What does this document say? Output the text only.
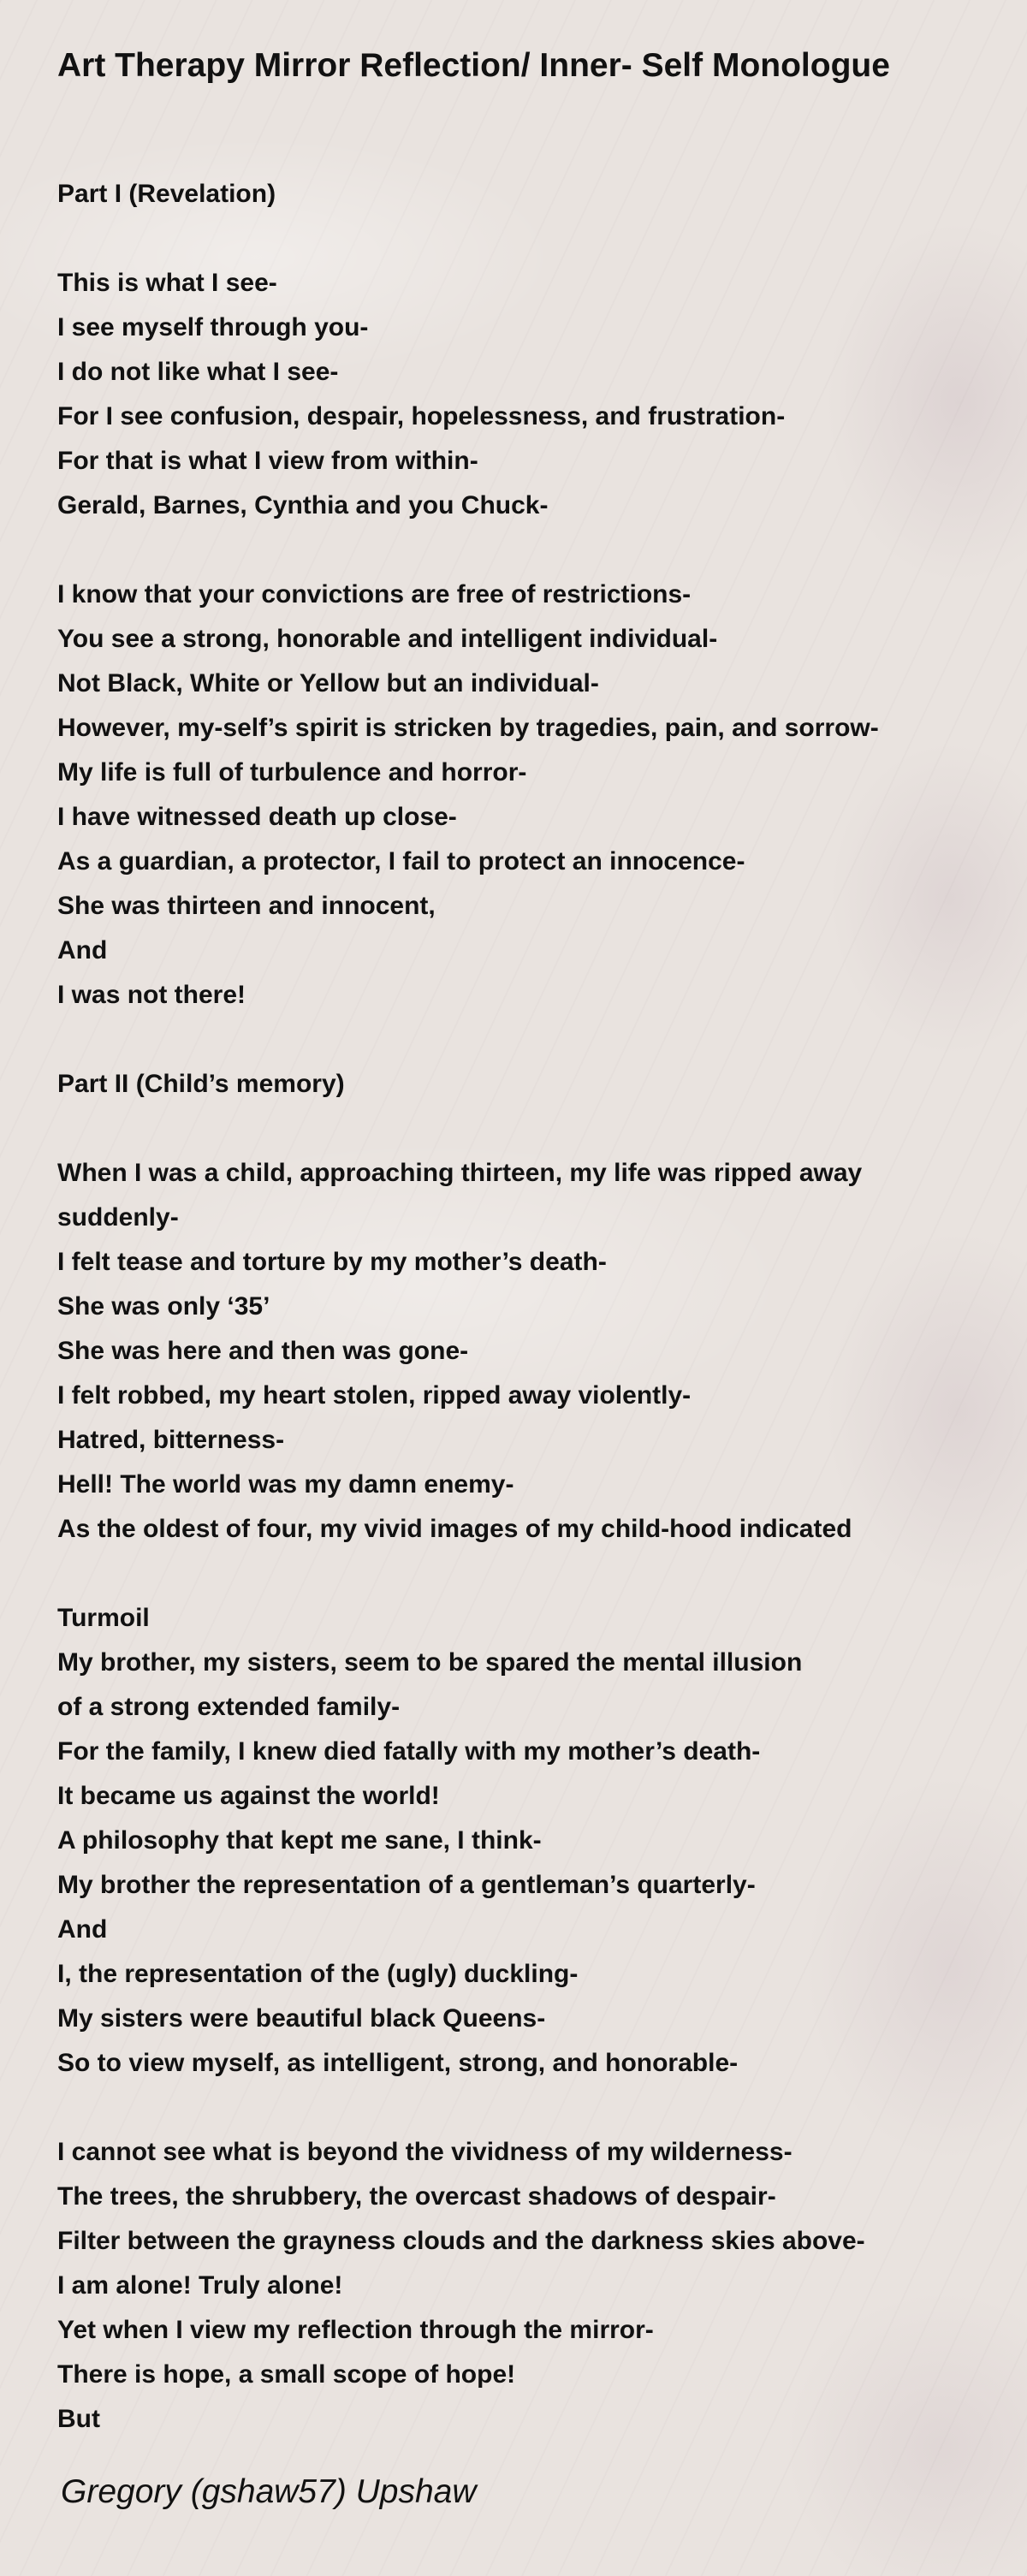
Art Therapy Mirror Reflection/ Inner- Self Monologue
Part I (Revelation)
This is what I see-
I see myself through you-
I do not like what I see-
For I see confusion, despair, hopelessness, and frustration-
For that is what I view from within-
Gerald, Barnes, Cynthia and you Chuck-
I know that your convictions are free of restrictions-
You see a strong, honorable and intelligent individual-
Not Black, White or Yellow but an individual-
However, my-self’s spirit is stricken by tragedies, pain, and sorrow-
My life is full of turbulence and horror-
I have witnessed death up close-
As a guardian, a protector, I fail to protect an innocence-
She was thirteen and innocent,
And
I was not there!
Part II (Child’s memory)
When I was a child, approaching thirteen, my life was ripped away suddenly-
I felt tease and torture by my mother’s death-
She was only ‘35’
She was here and then was gone-
I felt robbed, my heart stolen, ripped away violently-
Hatred, bitterness-
Hell! The world was my damn enemy-
As the oldest of four, my vivid images of my child-hood indicated
Turmoil
My brother, my sisters, seem to be spared the mental illusion
of a strong extended family-
For the family, I knew died fatally with my mother’s death-
It became us against the world!
A philosophy that kept me sane, I think-
My brother the representation of a gentleman’s quarterly-
And
I, the representation of the (ugly) duckling-
My sisters were beautiful black Queens-
So to view myself, as intelligent, strong, and honorable-
I cannot see what is beyond the vividness of my wilderness-
The trees, the shrubbery, the overcast shadows of despair-
Filter between the grayness clouds and the darkness skies above-
I am alone! Truly alone!
Yet when I view my reflection through the mirror-
There is hope, a small scope of hope!
But
Gregory (gshaw57) Upshaw
